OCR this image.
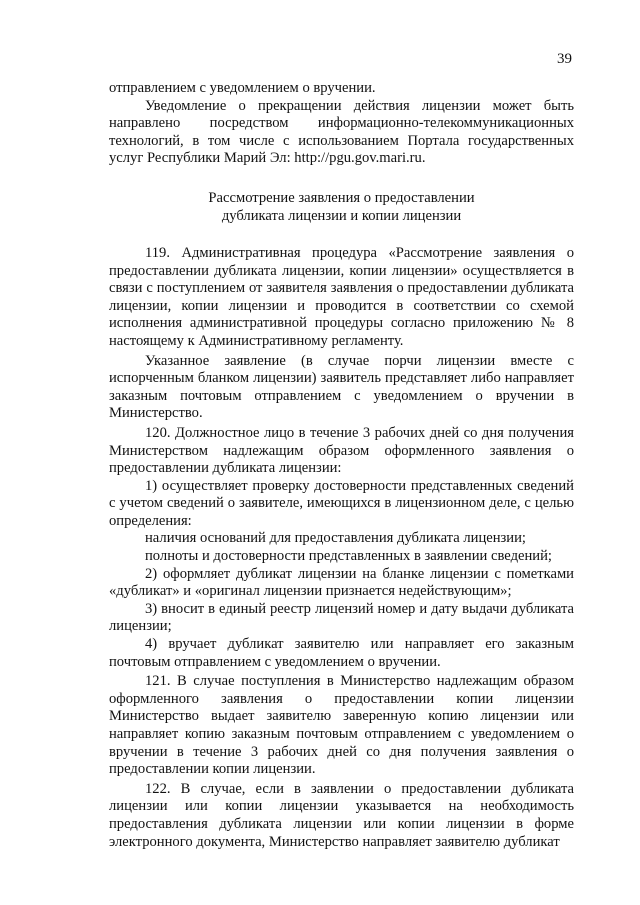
39

отправлением с уведомлением о вручении.

Уведомление о прекращении действия лицензии может быть направлено посредством информационно-телекоммуникационных технологий, в том числе с использованием Портала государственных услуг Республики Марий Эл: http://pgu.gov.mari.ru.

Рассмотрение заявления о предоставлении
дубликата лицензии и копии лицензии

119. Административная процедура «Рассмотрение заявления о предоставлении дубликата лицензии, копии лицензии» осуществляется в связи с поступлением от заявителя заявления о предоставлении дубликата лицензии, копии лицензии и проводится в соответствии со схемой исполнения административной процедуры согласно приложению № 8 настоящему к Административному регламенту.

Указанное заявление (в случае порчи лицензии вместе с испорченным бланком лицензии) заявитель представляет либо направляет заказным почтовым отправлением с уведомлением о вручении в Министерство.

120. Должностное лицо в течение 3 рабочих дней со дня получения Министерством надлежащим образом оформленного заявления о предоставлении дубликата лицензии:

1) осуществляет проверку достоверности представленных сведений с учетом сведений о заявителе, имеющихся в лицензионном деле, с целью определения:

наличия оснований для предоставления дубликата лицензии;

полноты и достоверности представленных в заявлении сведений;

2) оформляет дубликат лицензии на бланке лицензии с пометками «дубликат» и «оригинал лицензии признается недействующим»;

3) вносит в единый реестр лицензий номер и дату выдачи дубликата лицензии;

4) вручает дубликат заявителю или направляет его заказным почтовым отправлением с уведомлением о вручении.

121. В случае поступления в Министерство надлежащим образом оформленного заявления о предоставлении копии лицензии Министерство выдает заявителю заверенную копию лицензии или направляет копию заказным почтовым отправлением с уведомлением о вручении в течение 3 рабочих дней со дня получения заявления о предоставлении копии лицензии.

122. В случае, если в заявлении о предоставлении дубликата лицензии или копии лицензии указывается на необходимость предоставления дубликата лицензии или копии лицензии в форме электронного документа, Министерство направляет заявителю дубликат
